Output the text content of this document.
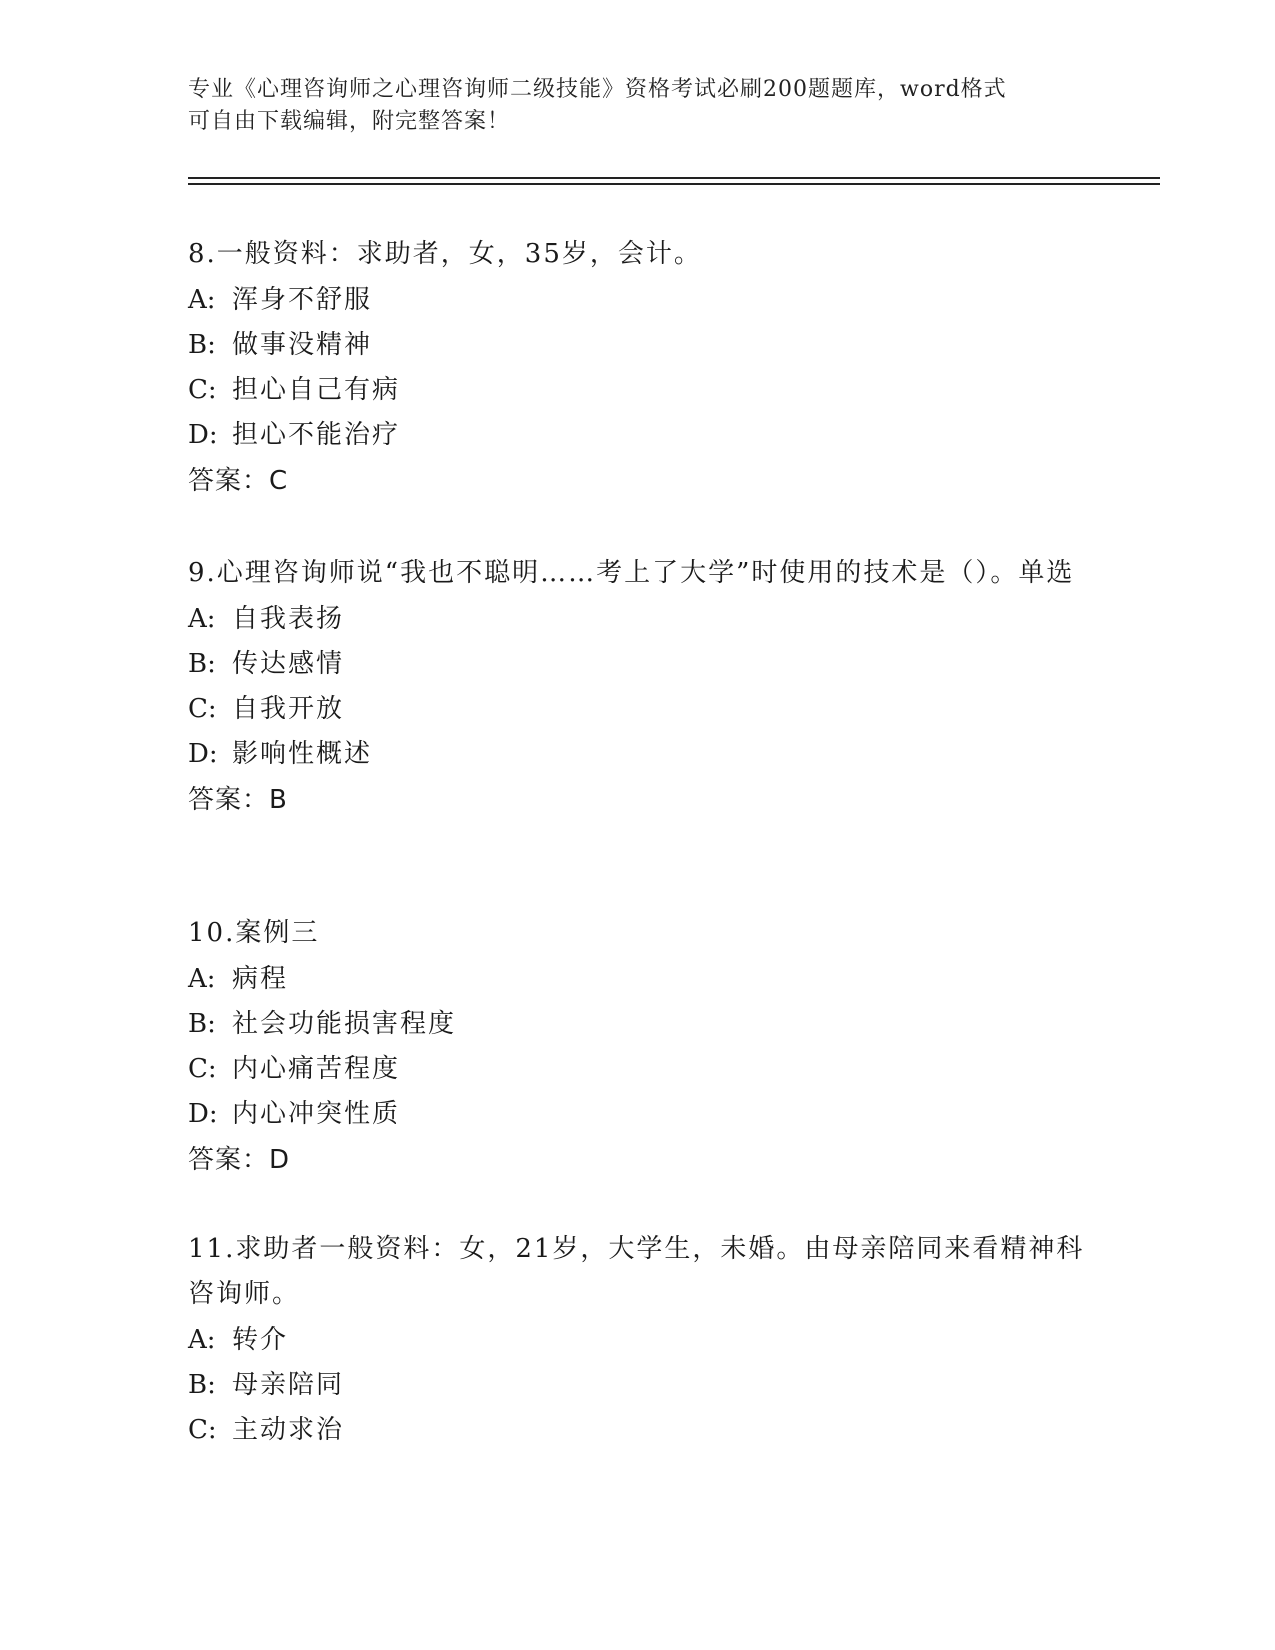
专业《心理咨询师之心理咨询师二级技能》资格考试必刷200题题库，word格式
可自由下载编辑，附完整答案！
8.一般资料：求助者，女，35岁，会计。
A: 浑身不舒服
B: 做事没精神
C: 担心自己有病
D: 担心不能治疗
答案：C
9.心理咨询师说“我也不聪明……考上了大学”时使用的技术是（）。单选
A: 自我表扬
B: 传达感情
C: 自我开放
D: 影响性概述
答案：B
10.案例三
A: 病程
B: 社会功能损害程度
C: 内心痛苦程度
D: 内心冲突性质
答案：D
11.求助者一般资料：女，21岁，大学生，未婚。由母亲陪同来看精神科咨询师。
A: 转介
B: 母亲陪同
C: 主动求治
